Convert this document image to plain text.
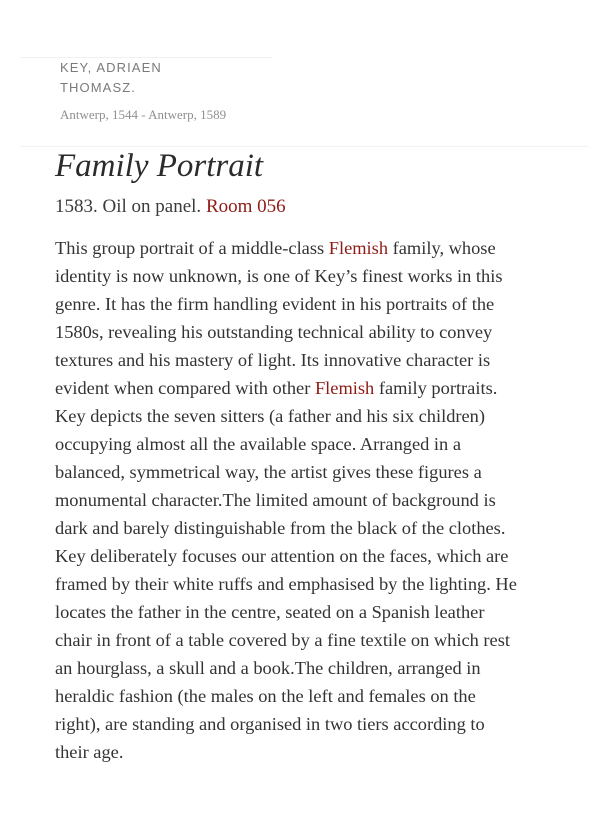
KEY, ADRIAEN
THOMASZ.

Antwerp, 1544 - Antwerp, 1589
Family Portrait
1583. Oil on panel. Room 056

This group portrait of a middle-class Flemish family, whose
identity is now unknown, is one of Key’s finest works in this
genre. It has the firm handling evident in his portraits of the
1580s, revealing his outstanding technical ability to convey
textures and his mastery of light. Its innovative character is
evident when compared with other Flemish family portraits.
Key depicts the seven sitters (a father and his six children)
occupying almost all the available space. Arranged in a
balanced, symmetrical way, the artist gives these figures a
monumental character.The limited amount of background is
dark and barely distinguishable from the black of the clothes.
Key deliberately focuses our attention on the faces, which are
framed by their white ruffs and emphasised by the lighting. He
locates the father in the centre, seated on a Spanish leather
chair in front of a table covered by a fine textile on which rest
an hourglass, a skull and a book.The children, arranged in
heraldic fashion (the males on the left and females on the
right), are standing and organised in two tiers according to
their age.
